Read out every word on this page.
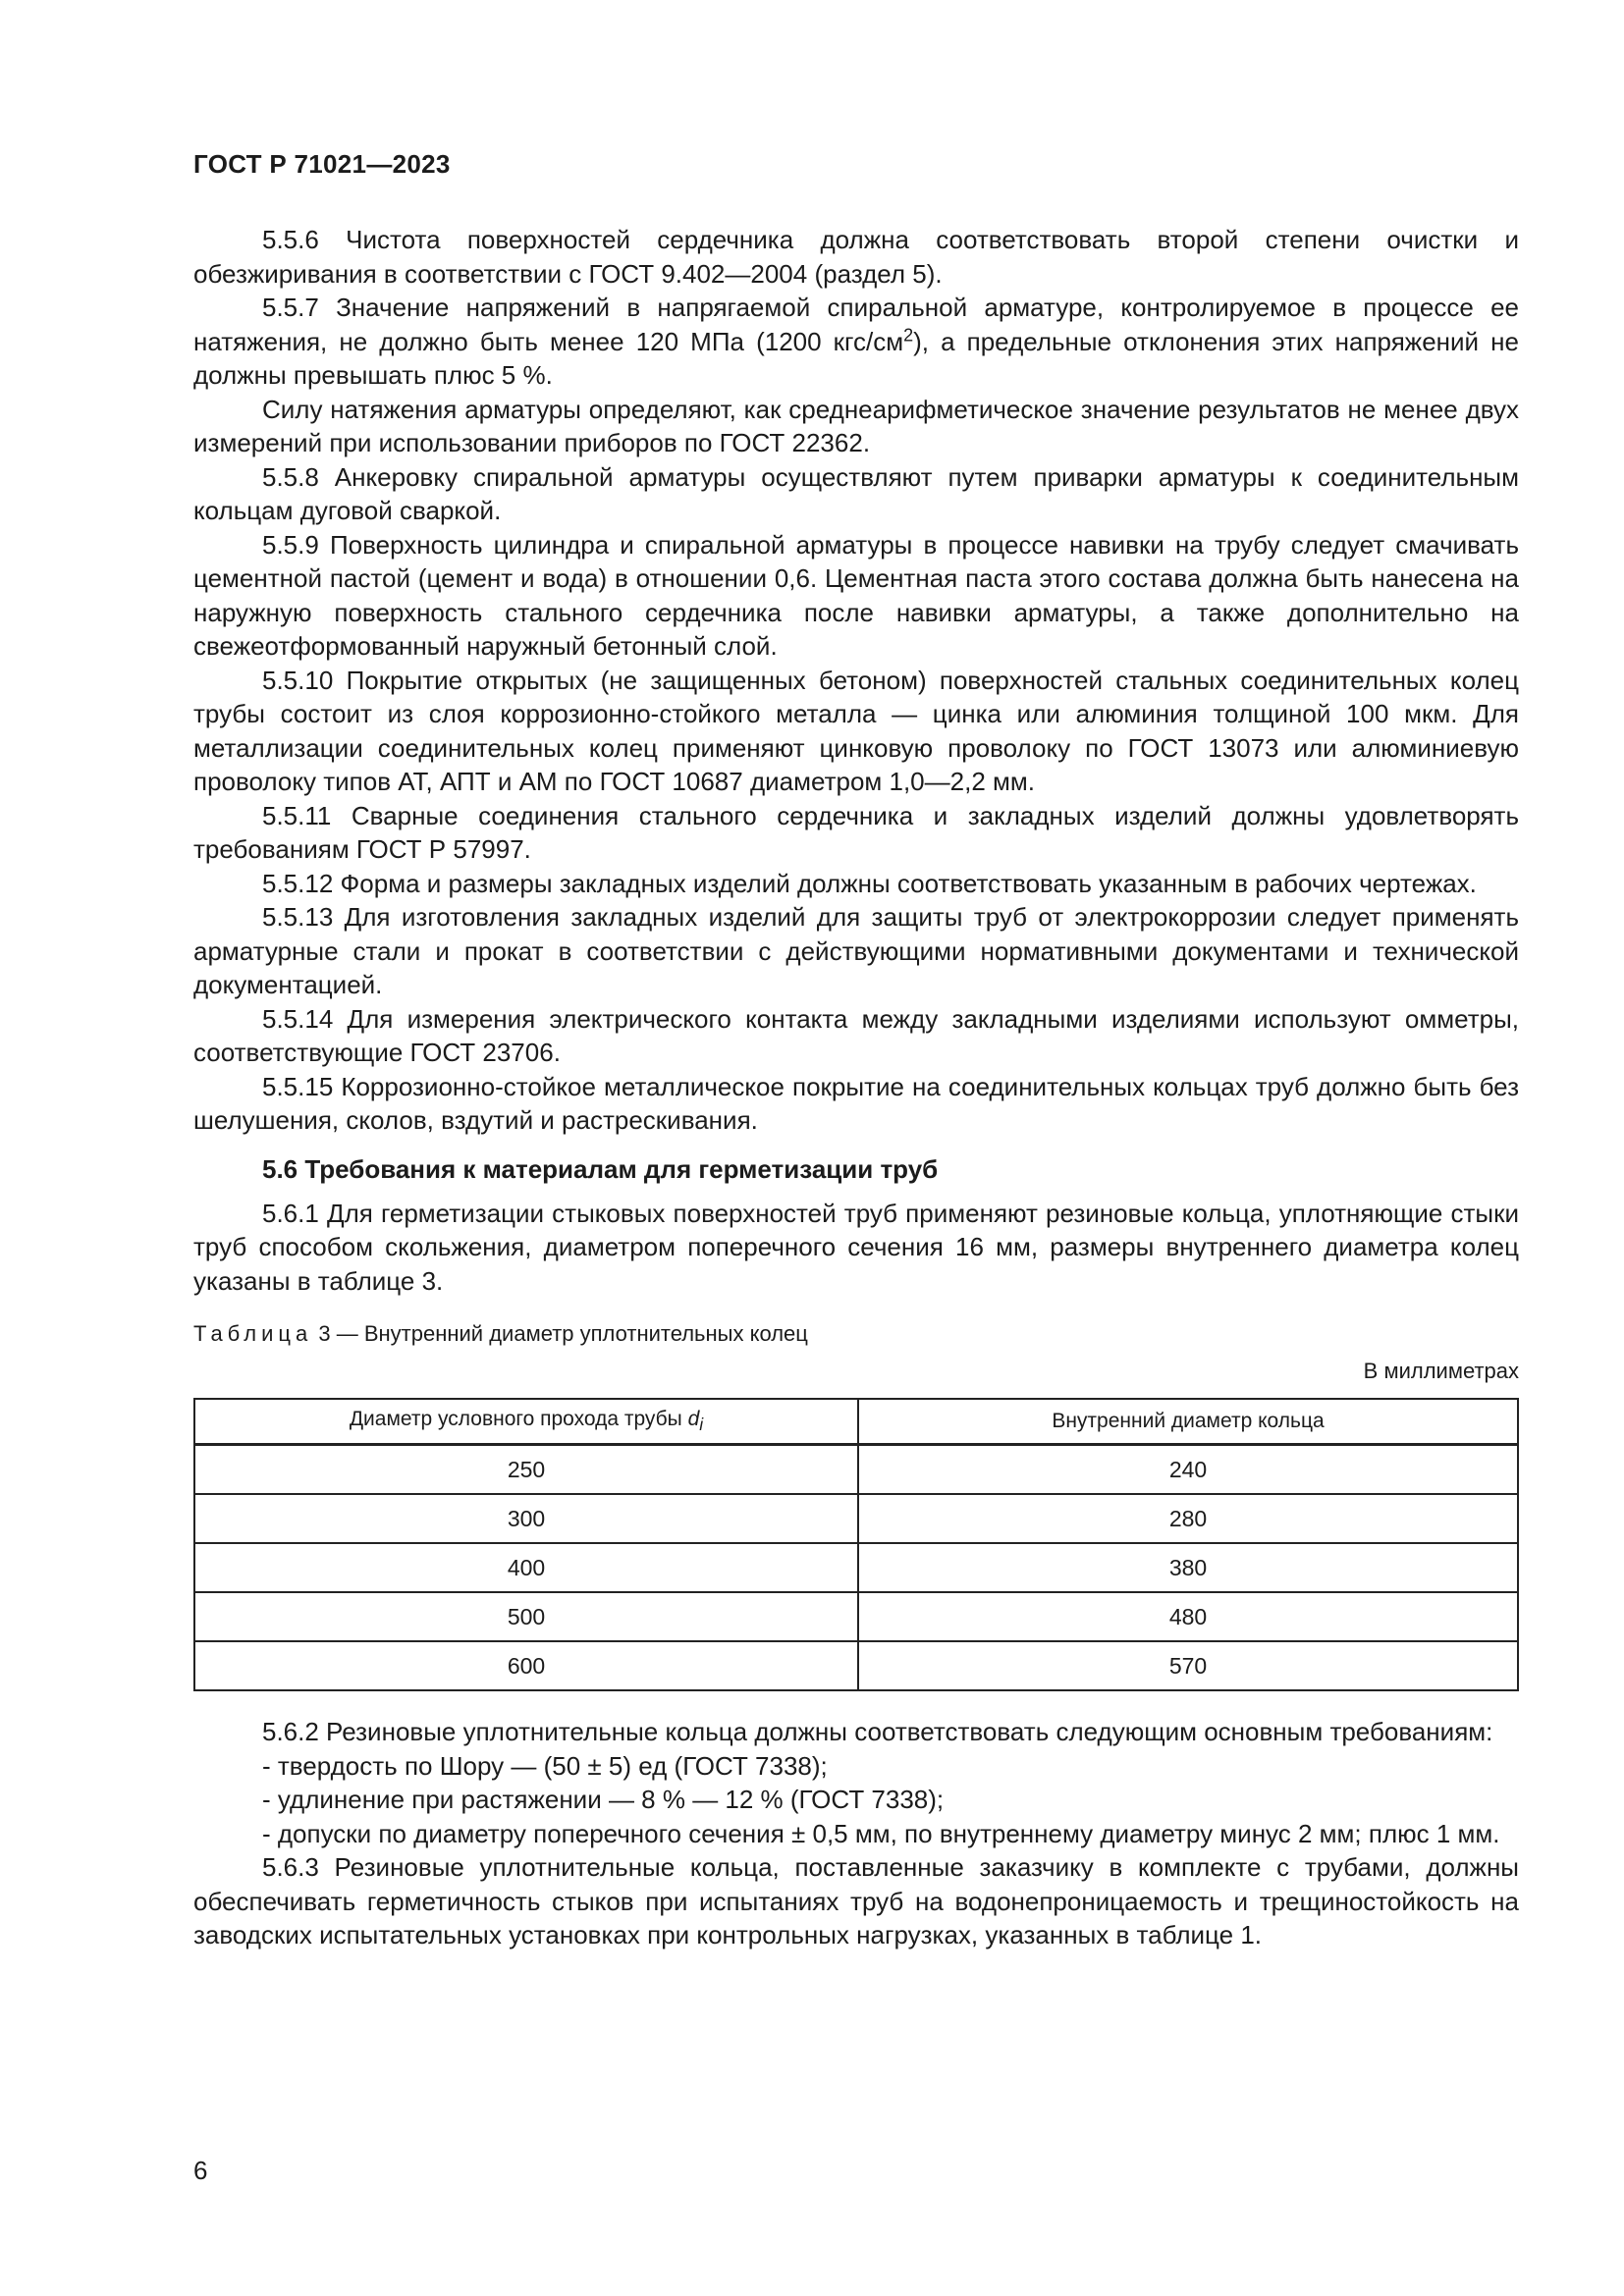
ГОСТ Р 71021—2023

5.5.6 Чистота поверхностей сердечника должна соответствовать второй степени очистки и обезжиривания в соответствии с ГОСТ 9.402—2004 (раздел 5).

5.5.7 Значение напряжений в напрягаемой спиральной арматуре, контролируемое в процессе ее натяжения, не должно быть менее 120 МПа (1200 кгс/$см^2$), а предельные отклонения этих напряжений не должны превышать плюс 5 %.

Силу натяжения арматуры определяют, как среднеарифметическое значение результатов не менее двух измерений при использовании приборов по ГОСТ 22362.

5.5.8 Анкеровку спиральной арматуры осуществляют путем приварки арматуры к соединительным кольцам дуговой сваркой.

5.5.9 Поверхность цилиндра и спиральной арматуры в процессе навивки на трубу следует смачивать цементной пастой (цемент и вода) в отношении 0,6. Цементная паста этого состава должна быть нанесена на наружную поверхность стального сердечника после навивки арматуры, а также дополнительно на свежеотформованный наружный бетонный слой.

5.5.10 Покрытие открытых (не защищенных бетоном) поверхностей стальных соединительных колец трубы состоит из слоя коррозионно-стойкого металла — цинка или алюминия толщиной 100 мкм. Для металлизации соединительных колец применяют цинковую проволоку по ГОСТ 13073 или алюминиевую проволоку типов АТ, АПТ и АМ по ГОСТ 10687 диаметром 1,0—2,2 мм.

5.5.11 Сварные соединения стального сердечника и закладных изделий должны удовлетворять требованиям ГОСТ Р 57997.

5.5.12 Форма и размеры закладных изделий должны соответствовать указанным в рабочих чертежах.

5.5.13 Для изготовления закладных изделий для защиты труб от электрокоррозии следует применять арматурные стали и прокат в соответствии с действующими нормативными документами и технической документацией.

5.5.14 Для измерения электрического контакта между закладными изделиями используют омметры, соответствующие ГОСТ 23706.

5.5.15 Коррозионно-стойкое металлическое покрытие на соединительных кольцах труб должно быть без шелушения, сколов, вздутий и растрескивания.

5.6 Требования к материалам для герметизации труб

5.6.1 Для герметизации стыковых поверхностей труб применяют резиновые кольца, уплотняющие стыки труб способом скольжения, диаметром поперечного сечения 16 мм, размеры внутреннего диаметра колец указаны в таблице 3.

Таблица 3 — Внутренний диаметр уплотнительных колец
В миллиметрах
Диаметр условного прохода трубы $d_i$	Внутренний диаметр кольца
250	240
300	280
400	380
500	480
600	570

5.6.2 Резиновые уплотнительные кольца должны соответствовать следующим основным требованиям:

- твердость по Шору — (50 ± 5) ед (ГОСТ 7338);

- удлинение при растяжении — 8 % — 12 % (ГОСТ 7338);

- допуски по диаметру поперечного сечения ± 0,5 мм, по внутреннему диаметру минус 2 мм; плюс 1 мм.

5.6.3 Резиновые уплотнительные кольца, поставленные заказчику в комплекте с трубами, должны обеспечивать герметичность стыков при испытаниях труб на водонепроницаемость и трещиностойкость на заводских испытательных установках при контрольных нагрузках, указанных в таблице 1.

6
